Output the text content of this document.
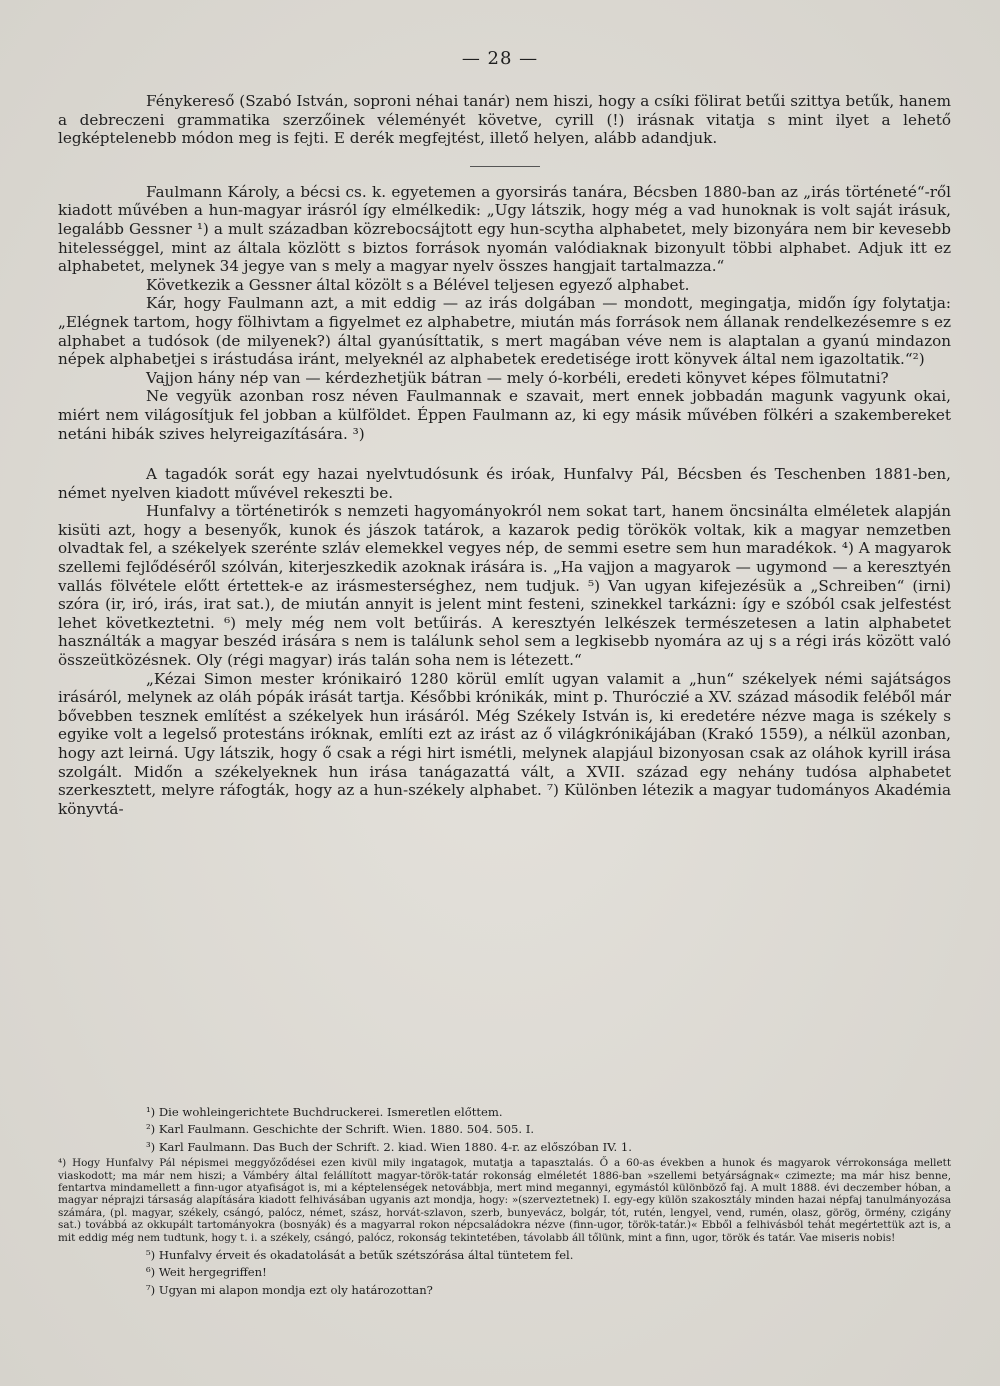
— 28 —

Fénykereső (Szabó István, soproni néhai tanár) nem hiszi, hogy a csíki fölirat betűi szittya betűk, hanem a debreczeni grammatika szerzőinek véleményét követve, cyrill (!) irásnak vitatja s mint ilyet a lehető legképtelenebb módon meg is fejti. E derék megfejtést, illető helyen, alább adandjuk.

Faulmann Károly, a bécsi cs. k. egyetemen a gyorsirás tanára, Bécsben 1880-ban az „irás történeté“-ről kiadott művében a hun-magyar irásról így elmélkedik: „Ugy látszik, hogy még a vad hunoknak is volt saját irásuk, legalább Gessner ¹) a mult században közrebocsájtott egy hun-scytha alphabetet, mely bizonyára nem bir kevesebb hitelességgel, mint az általa közlött s biztos források nyomán valódiaknak bizonyult többi alphabet. Adjuk itt ez alphabetet, melynek 34 jegye van s mely a magyar nyelv összes hangjait tartalmazza.“

Következik a Gessner által közölt s a Bélével teljesen egyező alphabet.

Kár, hogy Faulmann azt, a mit eddig — az irás dolgában — mondott, megingatja, midőn így folytatja: „Elégnek tartom, hogy fölhivtam a figyelmet ez alphabetre, miután más források nem állanak rendelkezésemre s ez alphabet a tudósok (de milyenek?) által gyanúsíttatik, s mert magában véve nem is alaptalan a gyanú mindazon népek alphabetjei s irástudása iránt, melyeknél az alphabetek eredetisége irott könyvek által nem igazoltatik.“²)

Vajjon hány nép van — kérdezhetjük bátran — mely ó-korbéli, eredeti könyvet képes fölmutatni?

Ne vegyük azonban rosz néven Faulmannak e szavait, mert ennek jobbadán magunk vagyunk okai, miért nem világosítjuk fel jobban a külföldet. Éppen Faulmann az, ki egy másik művében fölkéri a szakembereket netáni hibák szives helyreigazítására. ³)

A tagadók sorát egy hazai nyelvtudósunk és iróak, Hunfalvy Pál, Bécsben és Teschenben 1881-ben, német nyelven kiadott művével rekeszti be.

Hunfalvy a történetirók s nemzeti hagyományokról nem sokat tart, hanem öncsinálta elméletek alapján kisüti azt, hogy a besenyők, kunok és jászok tatárok, a kazarok pedig törökök voltak, kik a magyar nemzetben olvadtak fel, a székelyek szerénte szláv elemekkel vegyes nép, de semmi esetre sem hun maradékok. ⁴) A magyarok szellemi fejlődéséről szólván, kiterjeszkedik azoknak irására is. „Ha vajjon a magyarok — ugymond — a keresztyén vallás fölvétele előtt értettek-e az irásmesterséghez, nem tudjuk. ⁵) Van ugyan kifejezésük a „Schreiben“ (irni) szóra (ir, iró, irás, irat sat.), de miután annyit is jelent mint festeni, szinekkel tarkázni: így e szóból csak jelfestést lehet következtetni. ⁶) mely még nem volt betűirás. A keresztyén lelkészek természetesen a latin alphabetet használták a magyar beszéd irására s nem is találunk sehol sem a legkisebb nyomára az uj s a régi irás között való összeütközésnek. Oly (régi magyar) irás talán soha nem is létezett.“

„Kézai Simon mester krónikairó 1280 körül említ ugyan valamit a „hun“ székelyek némi sajátságos irásáról, melynek az oláh pópák irását tartja. Későbbi krónikák, mint p. Thuróczié a XV. század második feléből már bővebben tesznek említést a székelyek hun irásáról. Még Székely István is, ki eredetére nézve maga is székely s egyike volt a legelső protestáns iróknak, említi ezt az irást az ő világkrónikájában (Krakó 1559), a nélkül azonban, hogy azt leirná. Ugy látszik, hogy ő csak a régi hirt ismétli, melynek alapjául bizonyosan csak az oláhok kyrill irása szolgált. Midőn a székelyeknek hun irása tanágazattá vált, a XVII. század egy nehány tudósa alphabetet szerkesztett, melyre ráfogták, hogy az a hun-székely alphabet. ⁷) Különben létezik a magyar tudományos Akadémia könyvtá-

¹) Die wohleingerichtete Buchdruckerei. Ismeretlen előttem.

²) Karl Faulmann. Geschichte der Schrift. Wien. 1880. 504. 505. I.

³) Karl Faulmann. Das Buch der Schrift. 2. kiad. Wien 1880. 4-r. az előszóban IV. 1.

⁴) Hogy Hunfalvy Pál népismei meggyőződései ezen kivül mily ingatagok, mutatja a tapasztalás. Ő a 60-as években a hunok és magyarok vérrokonsága mellett viaskodott; ma már nem hiszi; a Vámbéry által felállított magyar-török-tatár rokonság elméletét 1886-ban »szellemi betyárságnak« czimezte; ma már hisz benne, fentartva mindamellett a finn-ugor atyafiságot is, mi a képtelenségek netovábbja, mert mind megannyi, egymástól különböző faj. A mult 1888. évi deczember hóban, a magyar néprajzi társaság alapítására kiadott felhivásában ugyanis azt mondja, hogy: »(szerveztetnek) I. egy-egy külön szakosztály minden hazai népfaj tanulmányozása számára, (pl. magyar, székely, csángó, palócz, német, szász, horvát-szlavon, szerb, bunyevácz, bolgár, tót, rutén, lengyel, vend, rumén, olasz, görög, örmény, czigány sat.) továbbá az okkupált tartományokra (bosnyák) és a magyarral rokon népcsaládokra nézve (finn-ugor, török-tatár.)« Ebből a felhivásból tehát megértettük azt is, a mit eddig még nem tudtunk, hogy t. i. a székely, csángó, palócz, rokonság tekintetében, távolabb áll tőlünk, mint a finn, ugor, török és tatár. Vae miseris nobis!

⁵) Hunfalvy érveit és okadatolását a betűk szétszórása által tüntetem fel.

⁶) Weit hergegriffen!

⁷) Ugyan mi alapon mondja ezt oly határozottan?
